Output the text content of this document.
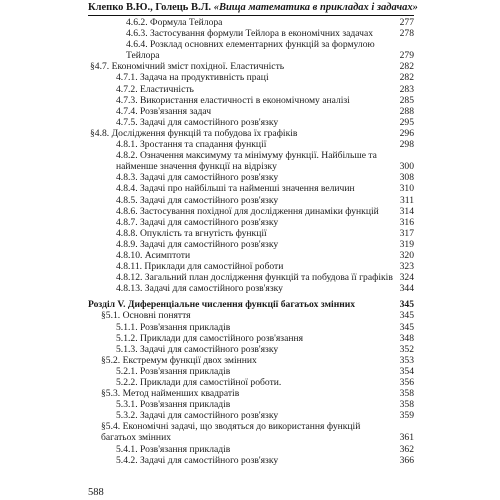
Клепко В.Ю., Голець В.Л. «Вища математика в прикладах і задачах»
4.6.2. Формула Тейлора	277
4.6.3. Застосування формули Тейлора в економічних задачах	278
4.6.4. Розклад основних елементарних функцій за формулою Тейлора	279
§4.7. Економічний зміст похідної. Еластичність	282
4.7.1. Задача на продуктивність праці	282
4.7.2. Еластичність	283
4.7.3. Використання еластичності в економічному аналізі	285
4.7.4. Розв'язання задач	288
4.7.5. Задачі для самостійного розв'язку	295
§4.8. Дослідження функцій та побудова їх графіків	296
4.8.1. Зростання та спадання функції	298
4.8.2. Означення максимуму та мінімуму функції. Найбільше та найменше значення функції на відрізку	300
4.8.3. Задачі для самостійного розв'язку	308
4.8.4. Задачі про найбільші та найменші значення величин	310
4.8.5. Задачі для самостійного розв'язку	311
4.8.6. Застосування похідної для дослідження динаміки функцій 314
4.8.7. Задачі для самостійного розв'язку	316
4.8.8. Опуклість та вгнутість функції	317
4.8.9. Задачі для самостійного розв'язку	319
4.8.10. Асимптоти	320
4.8.11. Приклади для самостійної роботи	323
4.8.12. Загальний план дослідження функцій та побудова її графіків 324
4.8.13. Задачі для самостійного розв'язку	344
Розділ V. Диференціальне числення функції багатьох змінних	345
§5.1. Основні поняття	345
5.1.1. Розв'язання прикладів	345
5.1.2. Приклади для самостійного розв'язання	348
5.1.3. Задачі для самостійного розв'язку	352
§5.2. Екстремум функції двох змінних	353
5.2.1. Розв'язання прикладів	354
5.2.2. Приклади для самостійної роботи.	356
§5.3. Метод найменших квадратів	358
5.3.1. Розв'язання прикладів	358
5.3.2. Задачі для самостійного розв'язку	359
§5.4. Економічні задачі, що зводяться до використання функцій багатьох змінних	361
5.4.1. Розв'язання прикладів	362
5.4.2. Задачі для самостійного розв'язку	366
588
